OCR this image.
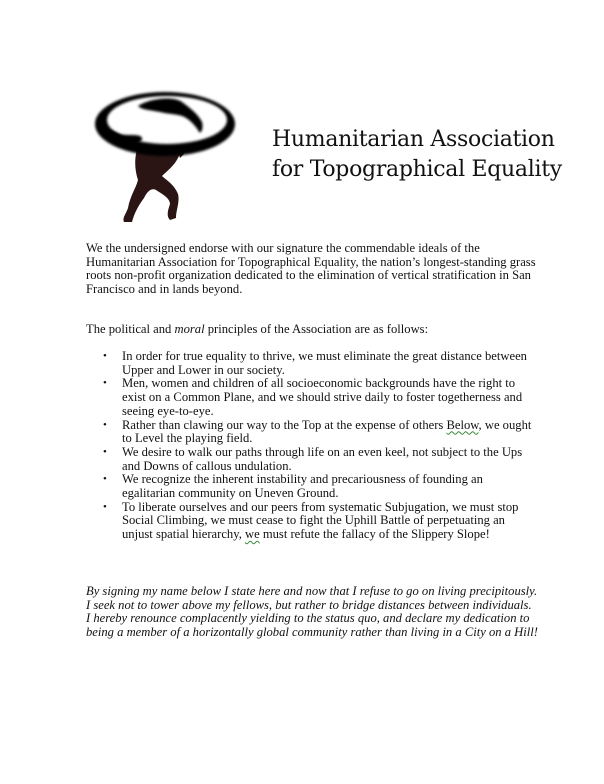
Humanitarian Association
for Topographical Equality
We the undersigned endorse with our signature the commendable ideals of the
Humanitarian Association for Topographical Equality, the nation’s longest-standing grass
roots non-profit organization dedicated to the elimination of vertical stratification in San
Francisco and in lands beyond.
The political and moral principles of the Association are as follows:
• In order for true equality to thrive, we must eliminate the great distance between
Upper and Lower in our society.
• Men, women and children of all socioeconomic backgrounds have the right to
exist on a Common Plane, and we should strive daily to foster togetherness and
seeing eye-to-eye.
• Rather than clawing our way to the Top at the expense of others Below, we ought
to Level the playing field.
• We desire to walk our paths through life on an even keel, not subject to the Ups
and Downs of callous undulation.
• We recognize the inherent instability and precariousness of founding an
egalitarian community on Uneven Ground.
• To liberate ourselves and our peers from systematic Subjugation, we must stop
Social Climbing, we must cease to fight the Uphill Battle of perpetuating an
unjust spatial hierarchy, we must refute the fallacy of the Slippery Slope!
By signing my name below I state here and now that I refuse to go on living precipitously.
I seek not to tower above my fellows, but rather to bridge distances between individuals.
I hereby renounce complacently yielding to the status quo, and declare my dedication to
being a member of a horizontally global community rather than living in a City on a Hill!
